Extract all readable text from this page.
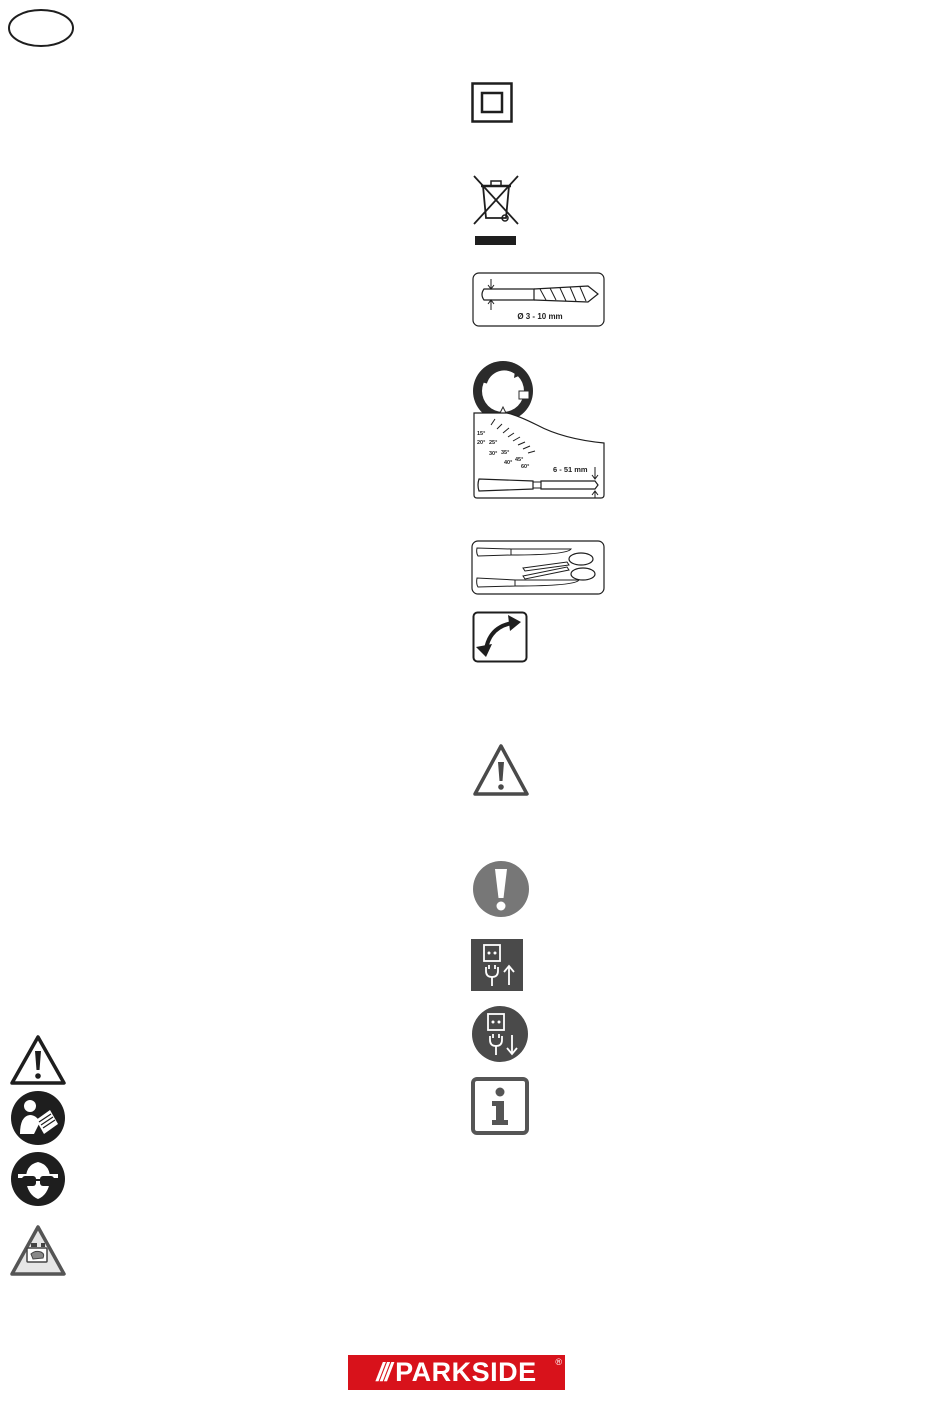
Ø 3 - 10 mm
15°
20° 25°
30° 35°
40° 45°
60°	6 - 51 mm
/// PARKSIDE ®
